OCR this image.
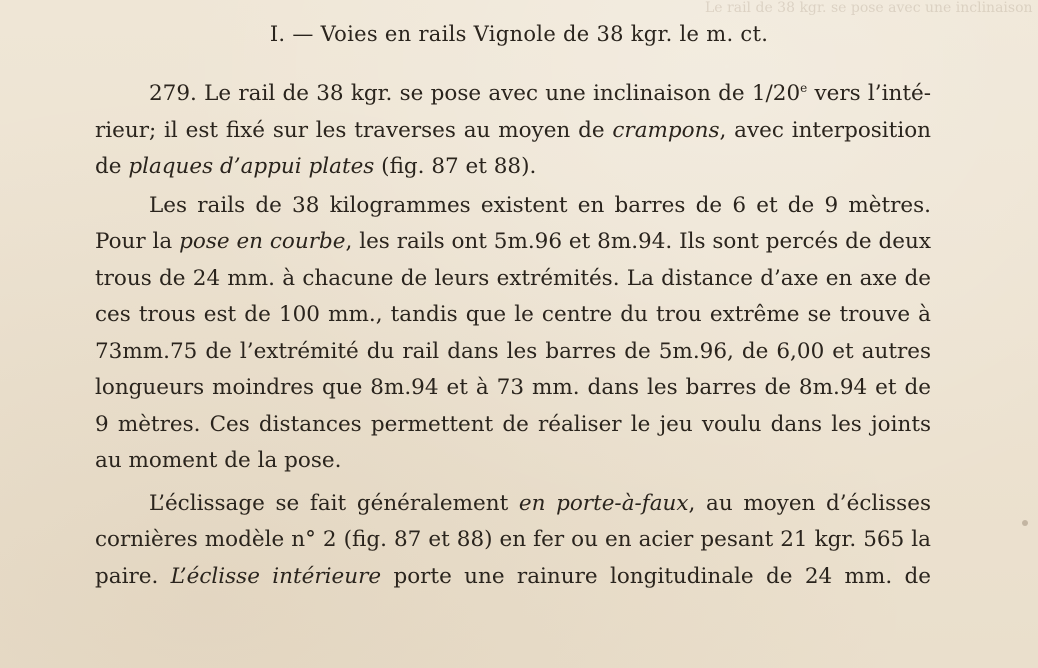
Le rail de 38 kgr. se pose avec une inclinaison
I. — Voies en rails Vignole de 38 kgr. le m. ct.

279. Le rail de 38 kgr. se pose avec une inclinaison de 1/20e vers l’inté-
rieur; il est fixé sur les traverses au moyen de crampons, avec interposition
de plaques d’appui plates (fig. 87 et 88).

Les rails de 38 kilogrammes existent en barres de 6 et de 9 mètres.
Pour la pose en courbe, les rails ont 5m.96 et 8m.94. Ils sont percés de deux
trous de 24 mm. à chacune de leurs extrémités. La distance d’axe en axe de
ces trous est de 100 mm., tandis que le centre du trou extrême se trouve à
73mm.75 de l’extrémité du rail dans les barres de 5m.96, de 6,00 et autres
longueurs moindres que 8m.94 et à 73 mm. dans les barres de 8m.94 et de
9 mètres. Ces distances permettent de réaliser le jeu voulu dans les joints
au moment de la pose.

L’éclissage se fait généralement en porte-à-faux, au moyen d’éclisses
cornières modèle n° 2 (fig. 87 et 88) en fer ou en acier pesant 21 kgr. 565 la
paire. L’éclisse intérieure porte une rainure longitudinale de 24 mm. de
